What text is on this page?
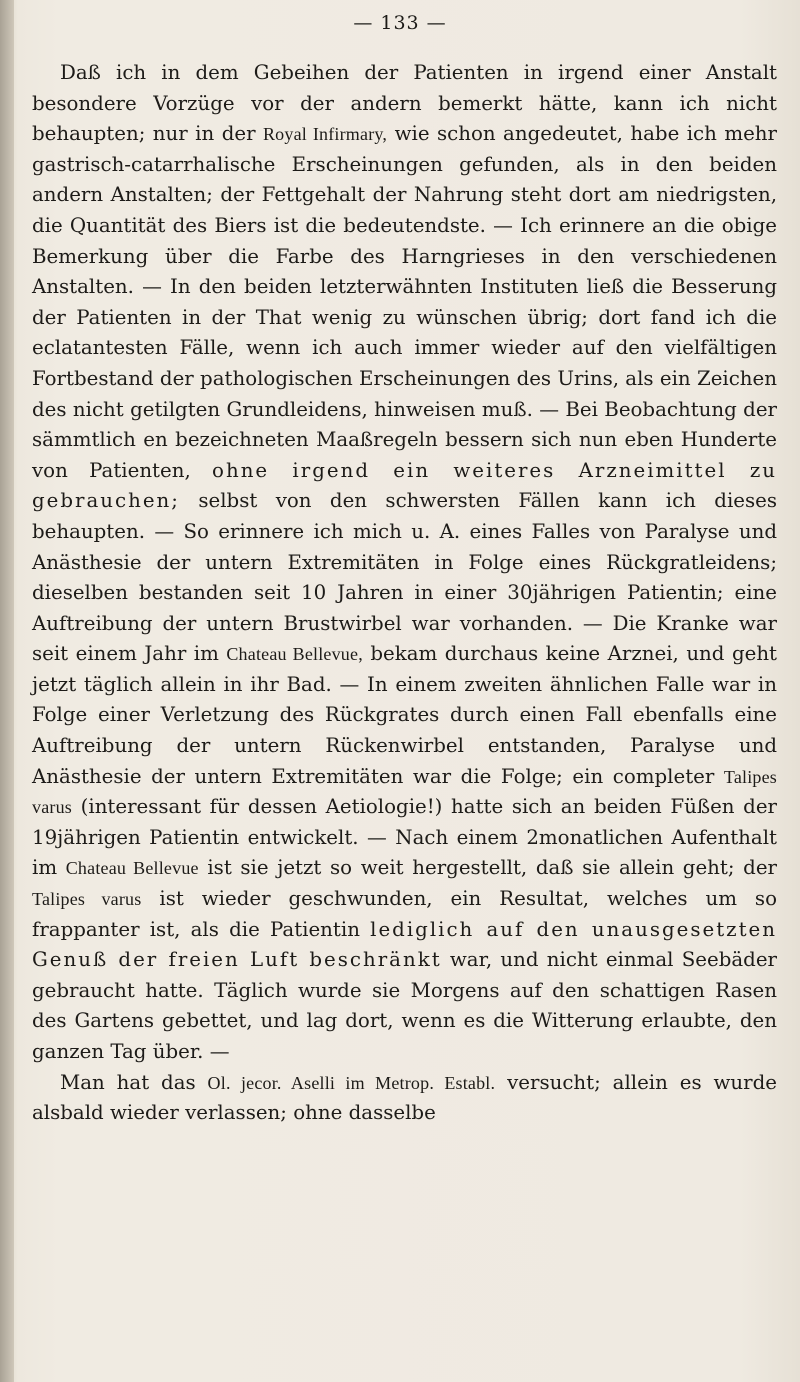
— 133 —

Daß ich in dem Gebeihen der Patienten in irgend einer Anstalt besondere Vorzüge vor der andern bemerkt hätte, kann ich nicht behaupten; nur in der Royal Infirmary, wie schon angedeutet, habe ich mehr gastrisch-catarrhalische Erscheinungen gefunden, als in den beiden andern Anstalten; der Fettgehalt der Nahrung steht dort am niedrigsten, die Quantität des Biers ist die bedeutendste. — Ich erinnere an die obige Bemerkung über die Farbe des Harngrieses in den verschiedenen Anstalten. — In den beiden letzterwähnten Instituten ließ die Besserung der Patienten in der That wenig zu wünschen übrig; dort fand ich die eclatantesten Fälle, wenn ich auch immer wieder auf den vielfältigen Fortbestand der pathologischen Erscheinungen des Urins, als ein Zeichen des nicht getilgten Grundleidens, hinweisen muß. — Bei Beobachtung der sämmtlich en bezeichneten Maaßregeln bessern sich nun eben Hunderte von Patienten, ohne irgend ein weiteres Arzneimittel zu gebrauchen; selbst von den schwersten Fällen kann ich dieses behaupten. — So erinnere ich mich u. A. eines Falles von Paralyse und Anästhesie der untern Extremitäten in Folge eines Rückgratleidens; dieselben bestanden seit 10 Jahren in einer 30jährigen Patientin; eine Auftreibung der untern Brustwirbel war vorhanden. — Die Kranke war seit einem Jahr im Chateau Bellevue, bekam durchaus keine Arznei, und geht jetzt täglich allein in ihr Bad. — In einem zweiten ähnlichen Falle war in Folge einer Verletzung des Rückgrates durch einen Fall ebenfalls eine Auftreibung der untern Rückenwirbel entstanden, Paralyse und Anästhesie der untern Extremitäten war die Folge; ein completer Talipes varus (interessant für dessen Aetiologie!) hatte sich an beiden Füßen der 19jährigen Patientin entwickelt. — Nach einem 2monatlichen Aufenthalt im Chateau Bellevue ist sie jetzt so weit hergestellt, daß sie allein geht; der Talipes varus ist wieder geschwunden, ein Resultat, welches um so frappanter ist, als die Patientin lediglich auf den unausgesetzten Genuß der freien Luft beschränkt war, und nicht einmal Seebäder gebraucht hatte. Täglich wurde sie Morgens auf den schattigen Rasen des Gartens gebettet, und lag dort, wenn es die Witterung erlaubte, den ganzen Tag über. —

Man hat das Ol. jecor. Aselli im Metrop. Establ. versucht; allein es wurde alsbald wieder verlassen; ohne dasselbe
